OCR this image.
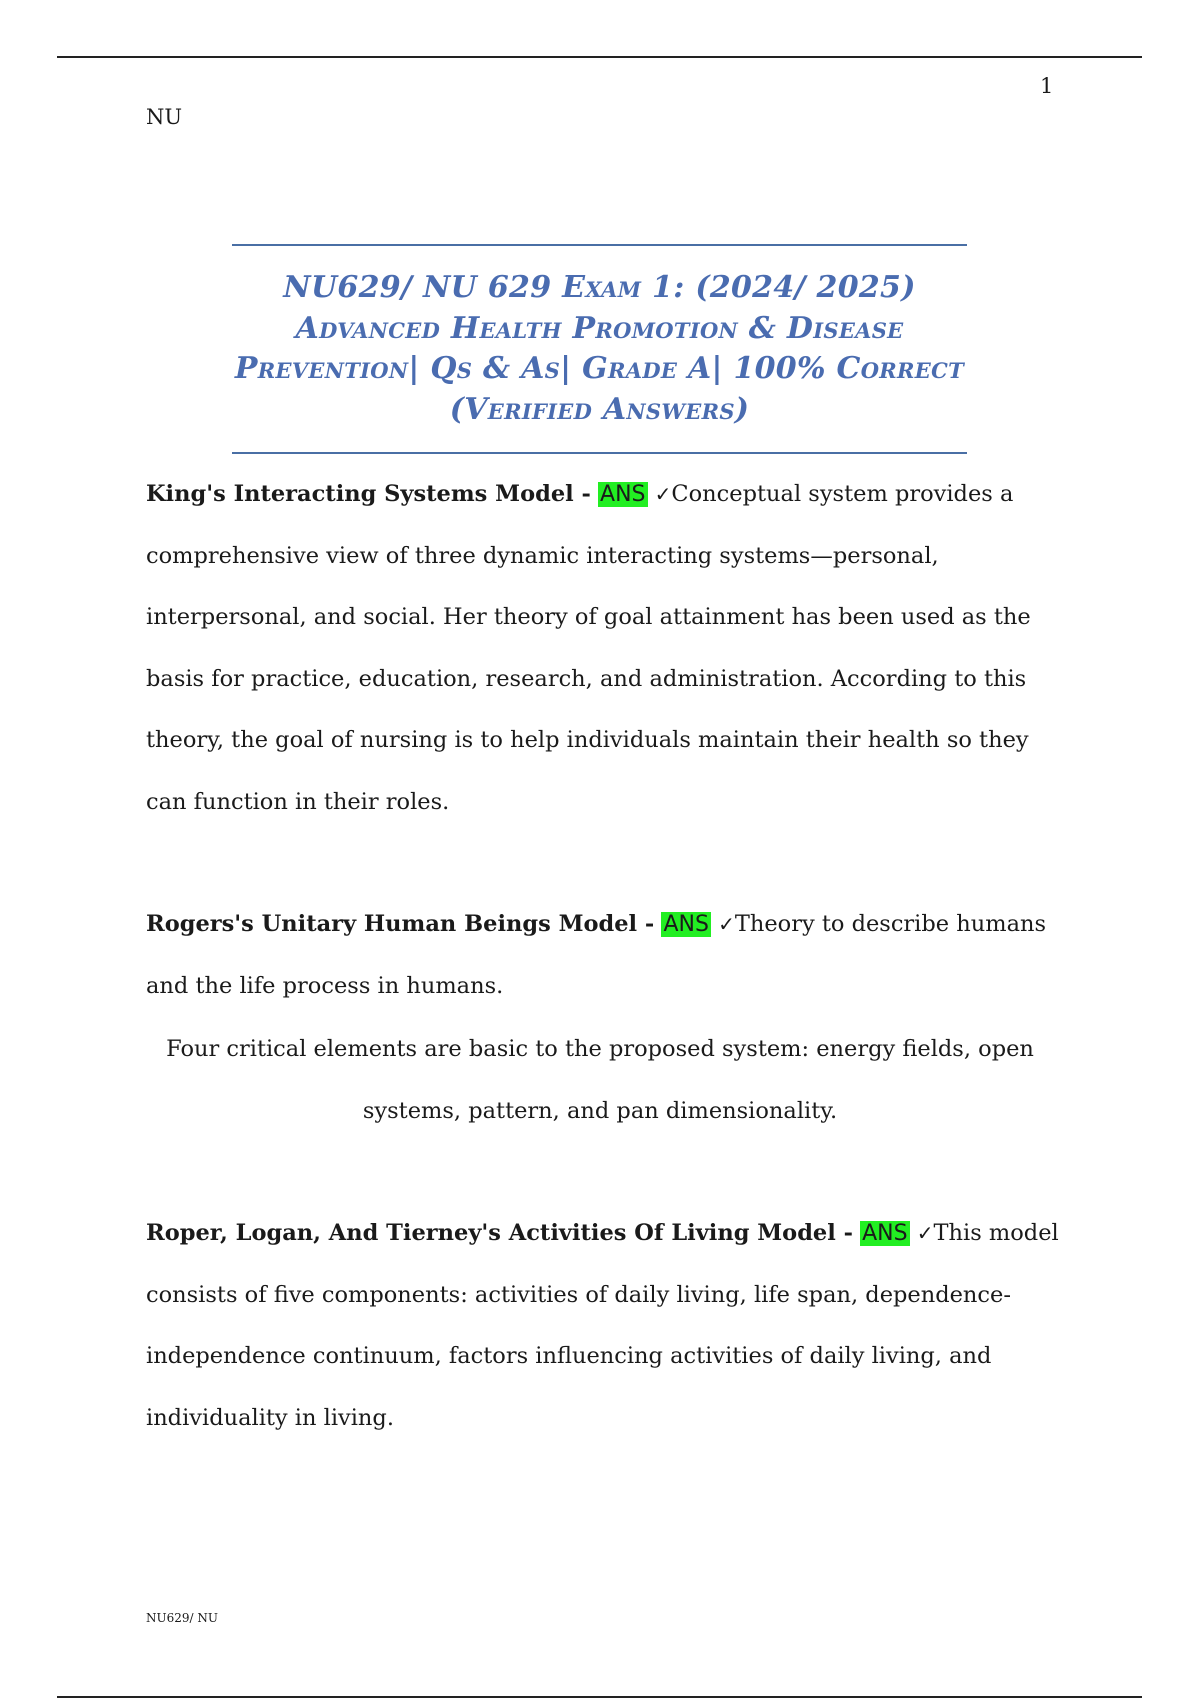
1
NU

NU629/ NU 629 Exam 1: (2024/ 2025) Advanced Health Promotion & Disease Prevention| Qs & As| Grade A| 100% Correct (Verified Answers)

King's Interacting Systems Model - ANS ✓Conceptual system provides a comprehensive view of three dynamic interacting systems—personal, interpersonal, and social. Her theory of goal attainment has been used as the basis for practice, education, research, and administration. According to this theory, the goal of nursing is to help individuals maintain their health so they can function in their roles.
Rogers's Unitary Human Beings Model - ANS ✓Theory to describe humans and the life process in humans.
Four critical elements are basic to the proposed system: energy fields, open systems, pattern, and pan dimensionality.
Roper, Logan, And Tierney's Activities Of Living Model - ANS ✓This model consists of five components: activities of daily living, life span, dependence-independence continuum, factors influencing activities of daily living, and individuality in living.
NU629/ NU
